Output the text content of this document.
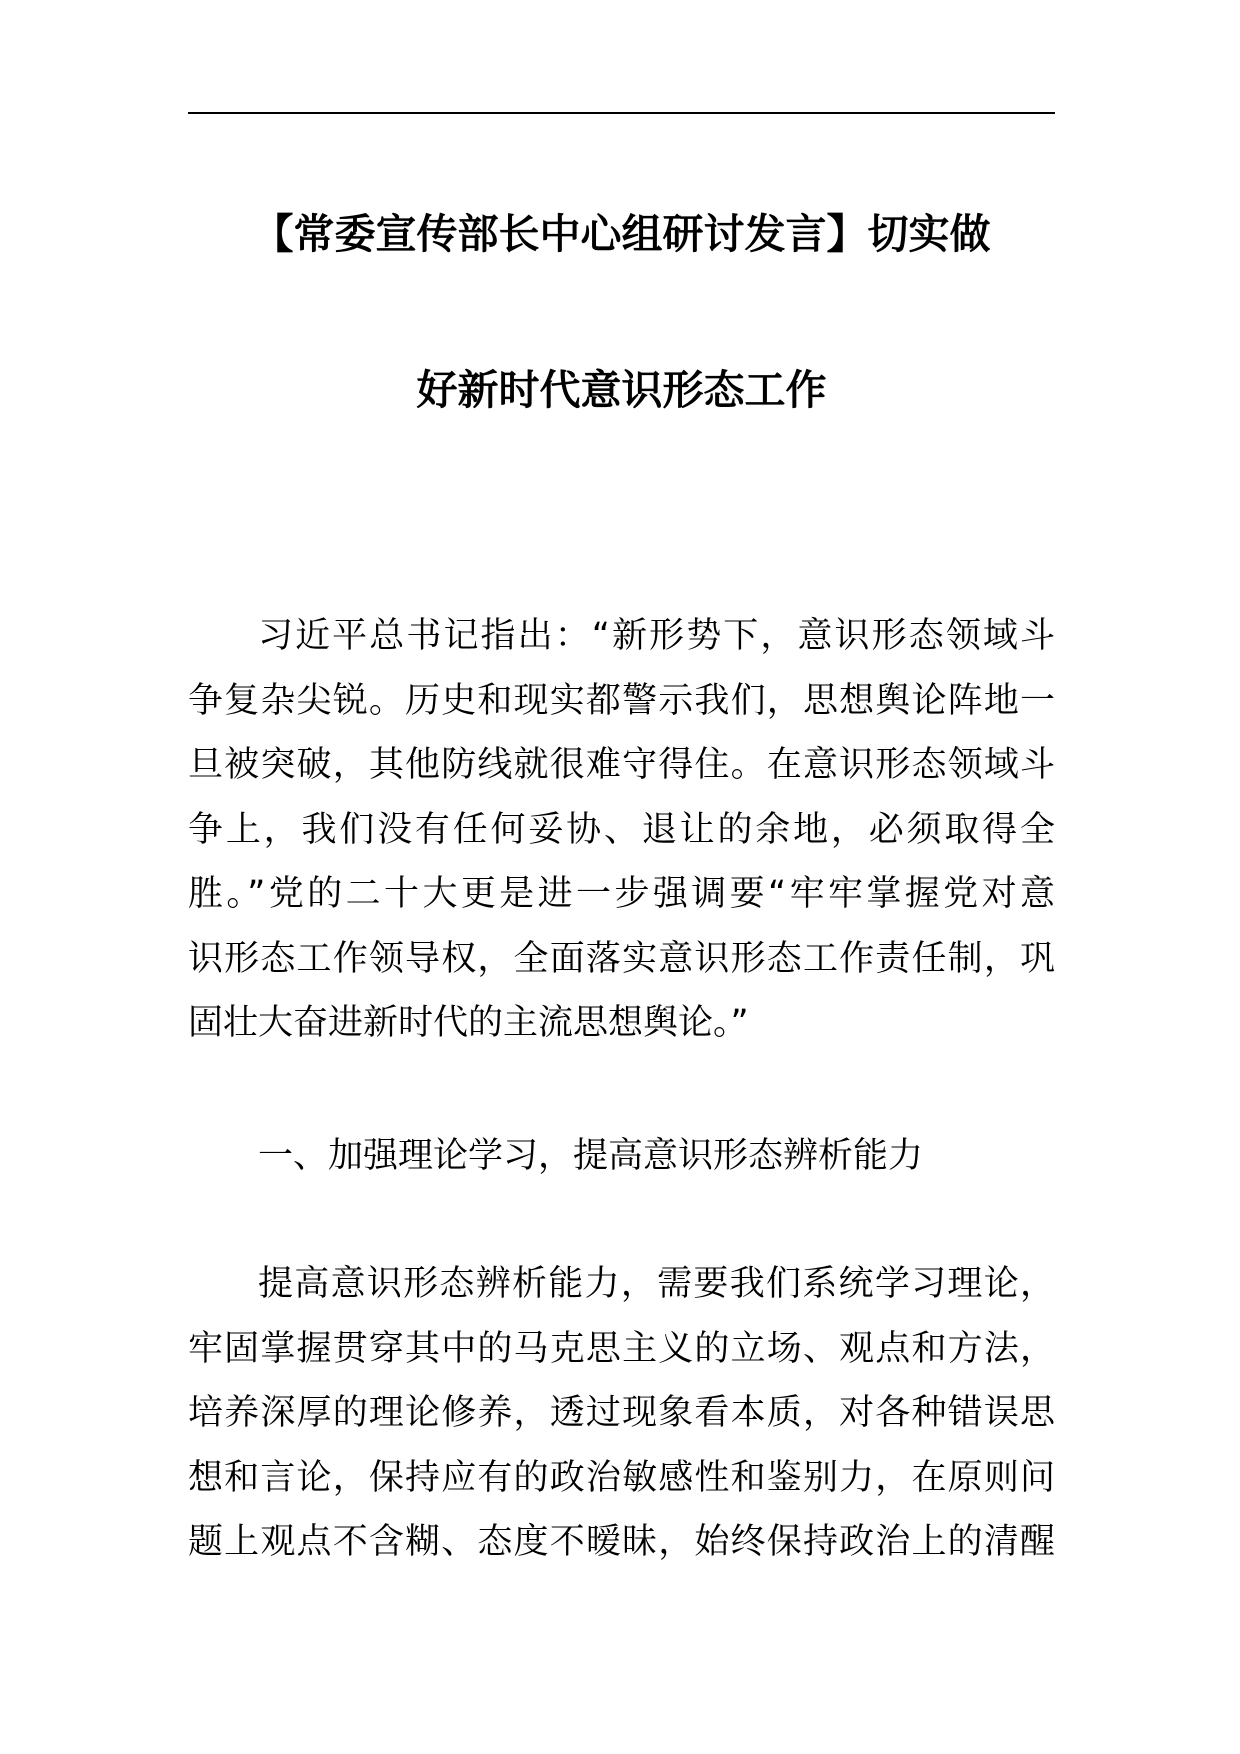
【常委宣传部长中心组研讨发言】切实做
好新时代意识形态工作
习近平总书记指出：“新形势下，意识形态领域斗
争复杂尖锐。历史和现实都警示我们，思想舆论阵地一
旦被突破，其他防线就很难守得住。在意识形态领域斗
争上，我们没有任何妥协、退让的余地，必须取得全
胜。”党的二十大更是进一步强调要“牢牢掌握党对意
识形态工作领导权，全面落实意识形态工作责任制，巩
固壮大奋进新时代的主流思想舆论。”
一、加强理论学习，提高意识形态辨析能力
提高意识形态辨析能力，需要我们系统学习理论，
牢固掌握贯穿其中的马克思主义的立场、观点和方法，
培养深厚的理论修养，透过现象看本质，对各种错误思
想和言论，保持应有的政治敏感性和鉴别力，在原则问
题上观点不含糊、态度不暧昧，始终保持政治上的清醒
